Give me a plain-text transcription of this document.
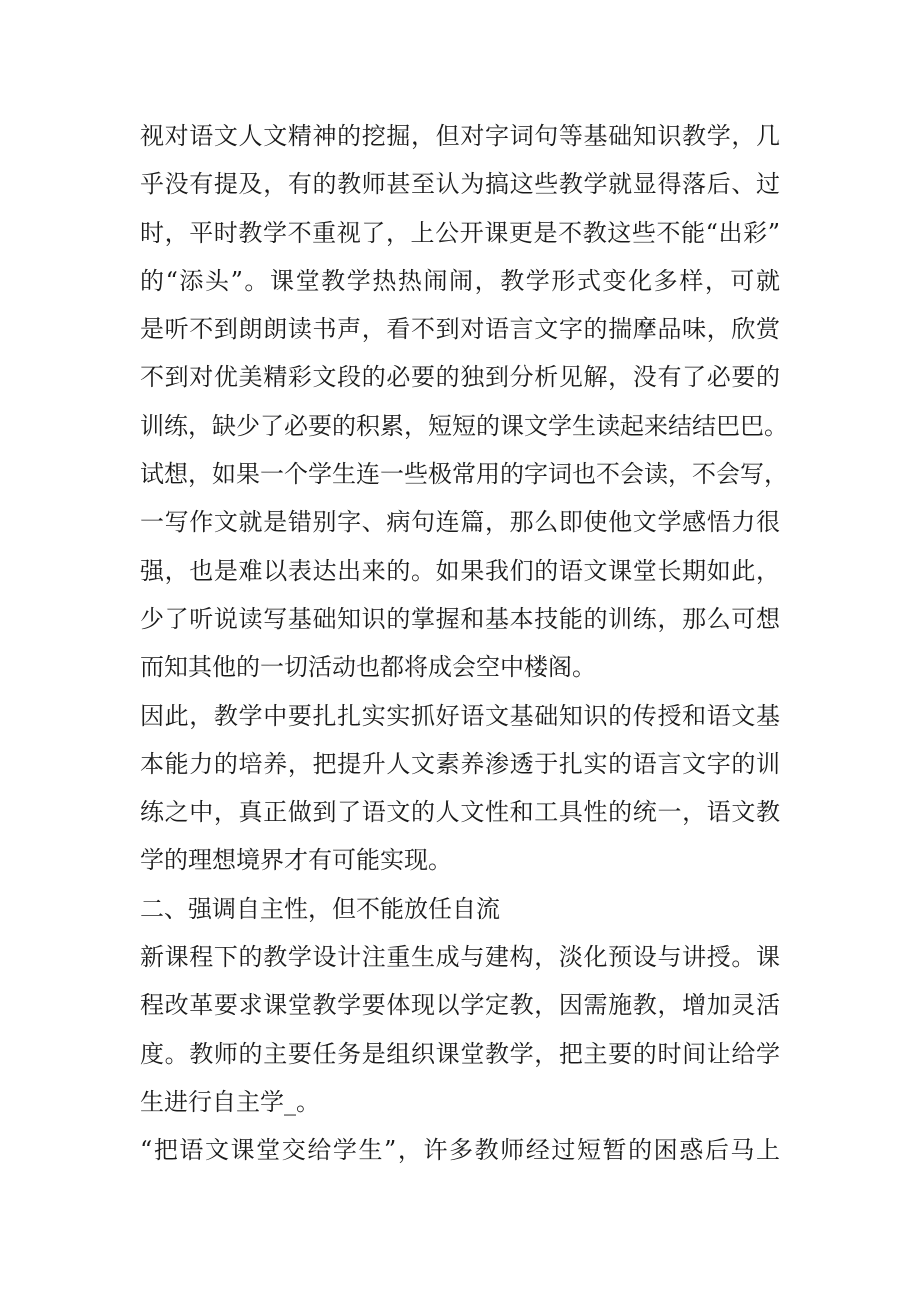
视对语文人文精神的挖掘，但对字词句等基础知识教学，几
乎没有提及，有的教师甚至认为搞这些教学就显得落后、过
时，平时教学不重视了，上公开课更是不教这些不能“出彩”
的“添头”。课堂教学热热闹闹，教学形式变化多样，可就
是听不到朗朗读书声，看不到对语言文字的揣摩品味，欣赏
不到对优美精彩文段的必要的独到分析见解，没有了必要的
训练，缺少了必要的积累，短短的课文学生读起来结结巴巴。
试想，如果一个学生连一些极常用的字词也不会读，不会写，
一写作文就是错别字、病句连篇，那么即使他文学感悟力很
强，也是难以表达出来的。如果我们的语文课堂长期如此，
少了听说读写基础知识的掌握和基本技能的训练，那么可想
而知其他的一切活动也都将成会空中楼阁。
因此，教学中要扎扎实实抓好语文基础知识的传授和语文基
本能力的培养，把提升人文素养渗透于扎实的语言文字的训
练之中，真正做到了语文的人文性和工具性的统一，语文教
学的理想境界才有可能实现。
二、强调自主性，但不能放任自流
新课程下的教学设计注重生成与建构，淡化预设与讲授。课
程改革要求课堂教学要体现以学定教，因需施教，增加灵活
度。教师的主要任务是组织课堂教学，把主要的时间让给学
生进行自主学_。
“把语文课堂交给学生”，许多教师经过短暂的困惑后马上
